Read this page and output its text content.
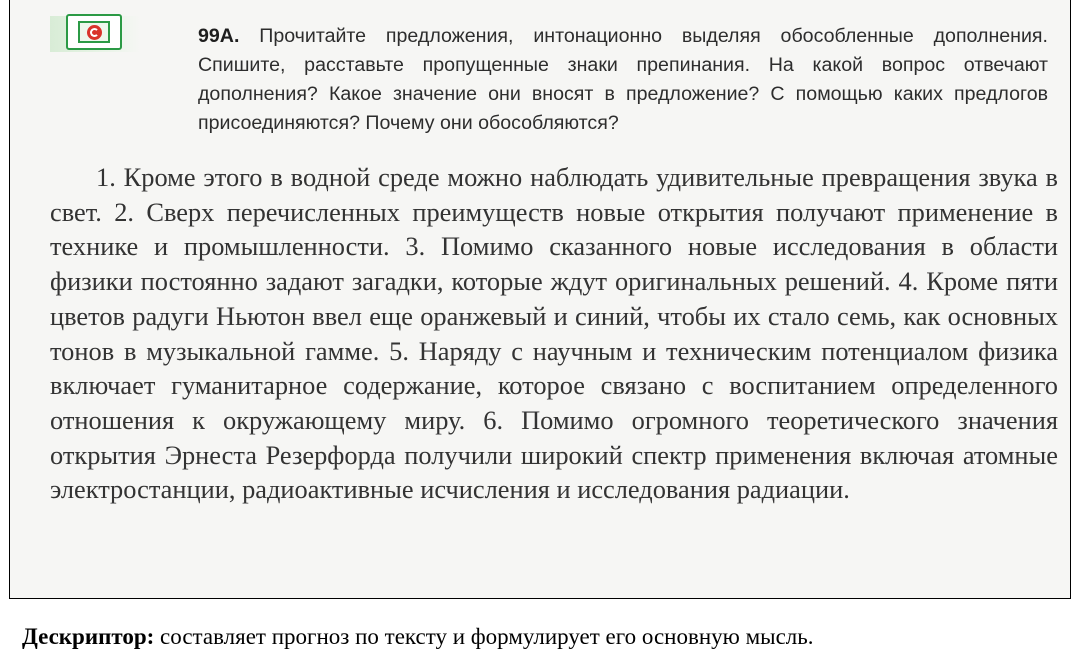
99А. Прочитайте предложения, интонационно выделяя обособленные дополнения. Спишите, расставьте пропущенные знаки препинания. На какой вопрос отвечают дополнения? Какое значение они вносят в предложение? С помощью каких предлогов присоединяются? Почему они обособляются?

1. Кроме этого в водной среде можно наблюдать удивительные превращения звука в свет. 2. Сверх перечисленных преимуществ новые открытия получают применение в технике и промышленности. 3. Помимо сказанного новые исследования в области физики постоянно задают загадки, которые ждут оригинальных решений. 4. Кроме пяти цветов радуги Ньютон ввел еще оранжевый и синий, чтобы их стало семь, как основных тонов в музыкальной гамме. 5. Наряду с научным и техническим потенциалом физика включает гуманитарное содержание, которое связано с воспитанием определенного отношения к окружающему миру. 6. Помимо огромного теоретического значения открытия Эрнеста Резерфорда получили широкий спектр применения включая атомные электростанции, радиоактивные исчисления и исследования радиации.

Дескриптор: составляет прогноз по тексту и формулирует его основную мысль.
